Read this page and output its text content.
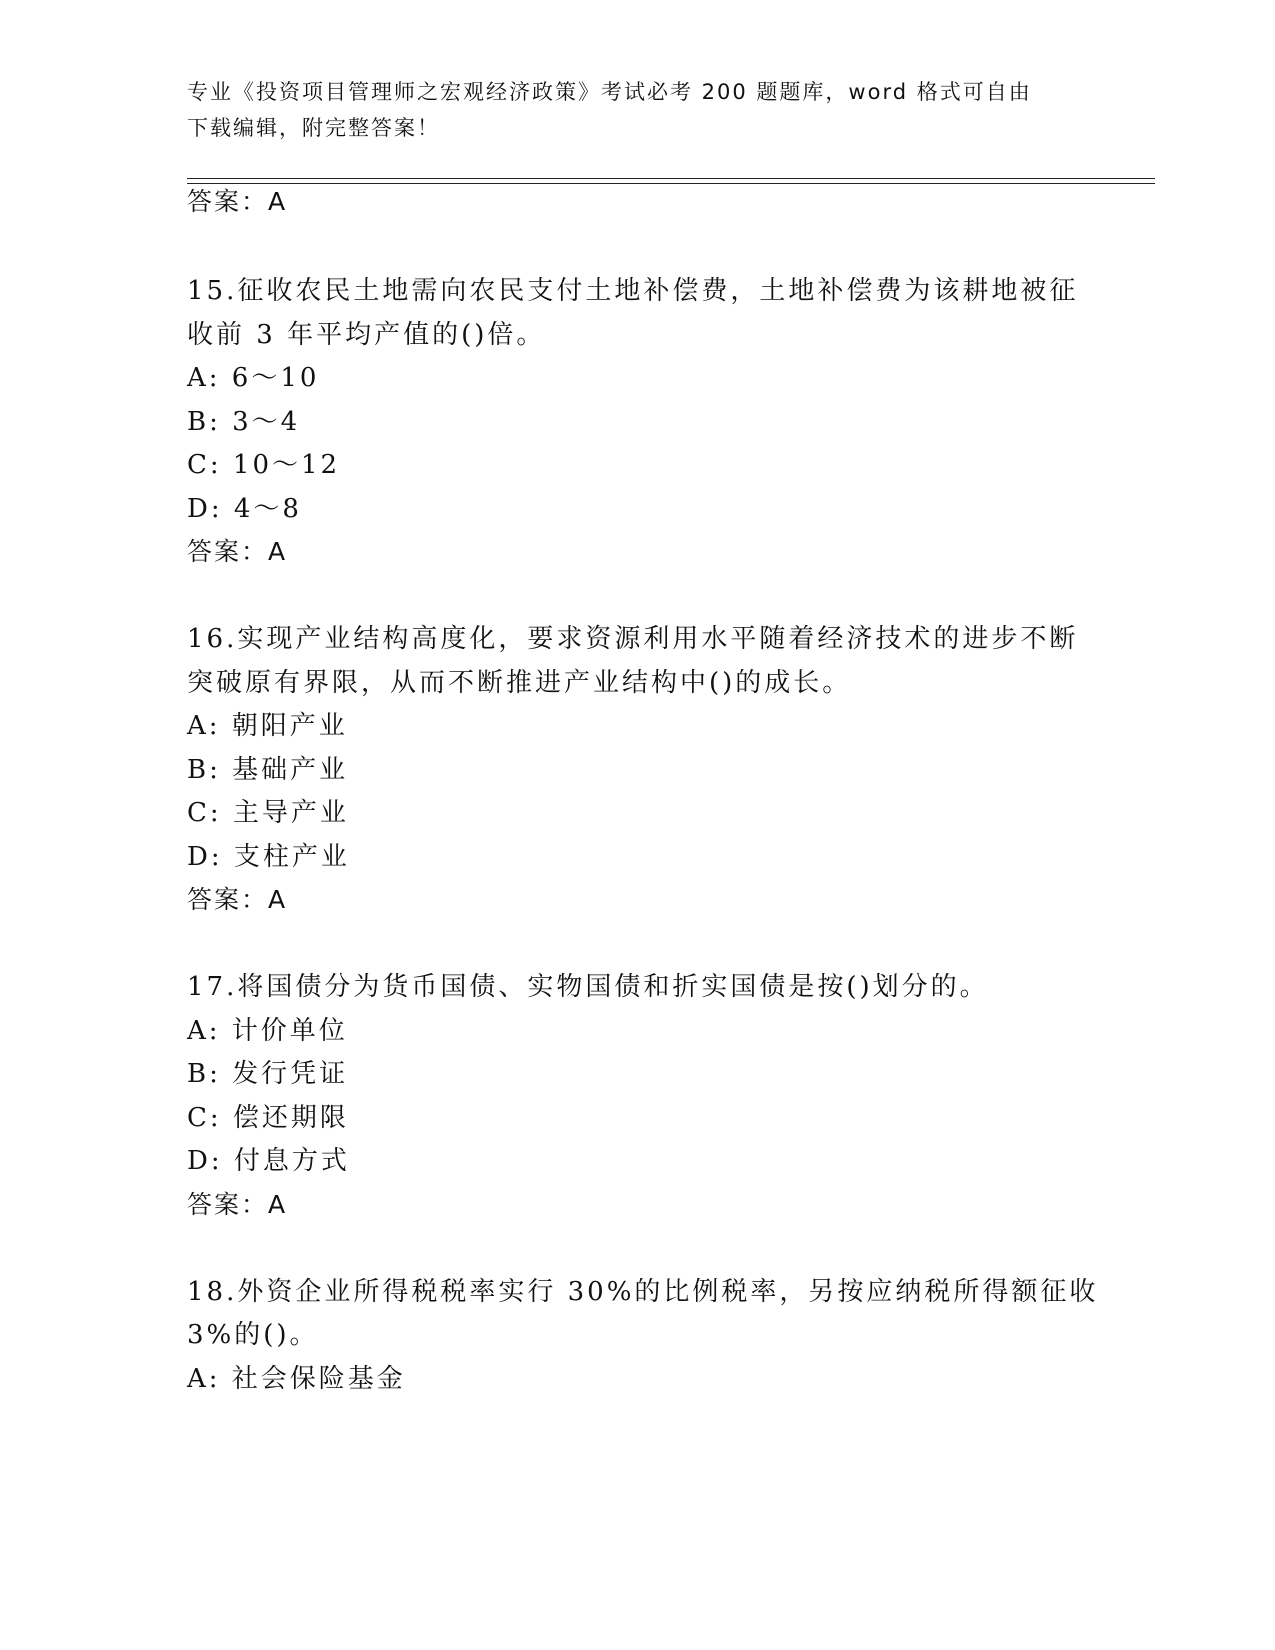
专业《投资项目管理师之宏观经济政策》考试必考 200 题题库，word 格式可自由
下载编辑，附完整答案！
答案：A
15.征收农民土地需向农民支付土地补偿费，土地补偿费为该耕地被征
收前 3 年平均产值的()倍。
A: 6～10
B: 3～4
C: 10～12
D: 4～8
答案：A
16.实现产业结构高度化，要求资源利用水平随着经济技术的进步不断
突破原有界限，从而不断推进产业结构中()的成长。
A: 朝阳产业
B: 基础产业
C: 主导产业
D: 支柱产业
答案：A
17.将国债分为货币国债、实物国债和折实国债是按()划分的。
A: 计价单位
B: 发行凭证
C: 偿还期限
D: 付息方式
答案：A
18.外资企业所得税税率实行 30%的比例税率，另按应纳税所得额征收
3%的()。
A: 社会保险基金
